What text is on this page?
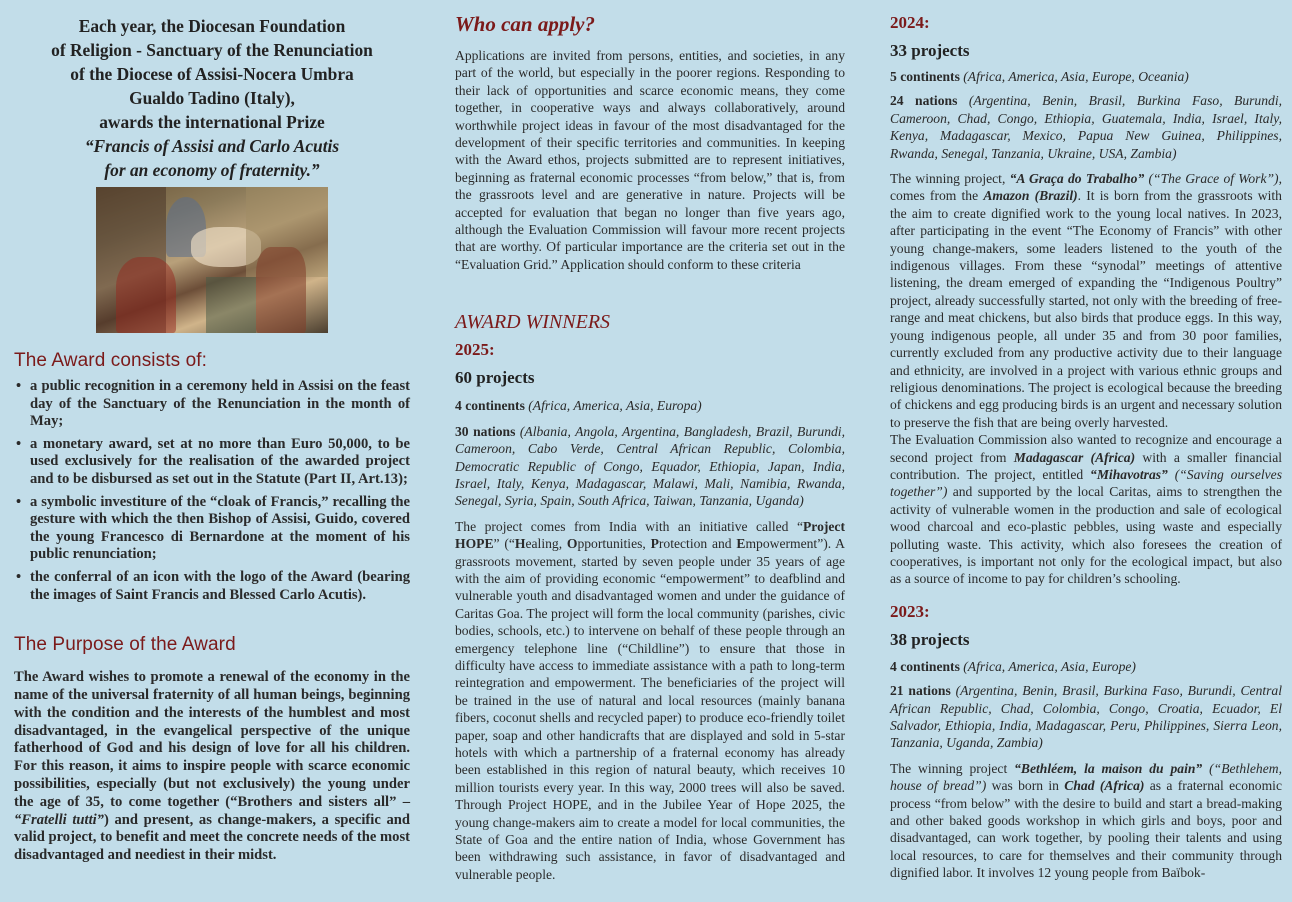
Each year, the Diocesan Foundation
of Religion - Sanctuary of the Renunciation
of the Diocese of Assisi-Nocera Umbra
Gualdo Tadino (Italy),
awards the international Prize
“Francis of Assisi and Carlo Acutis
for an economy of fraternity.”
The Award consists of:
• a public recognition in a ceremony held in Assisi on the feast day of the Sanctuary of the Renunciation in the month of May;
• a monetary award, set at no more than Euro 50,000, to be used exclusively for the realisation of the awarded project and to be disbursed as set out in the Statute (Part II, Art.13);
• a symbolic investiture of the “cloak of Francis,” recalling the gesture with which the then Bishop of Assisi, Guido, covered the young Francesco di Bernardone at the moment of his public renunciation;
• the conferral of an icon with the logo of the Award (bearing the images of Saint Francis and Blessed Carlo Acutis).
The Purpose of the Award

The Award wishes to promote a renewal of the economy in the name of the universal fraternity of all human beings, beginning with the condition and the interests of the humblest and most disadvantaged, in the evangelical perspective of the unique fatherhood of God and his design of love for all his children. For this reason, it aims to inspire people with scarce economic possibilities, especially (but not exclusively) the young under the age of 35, to come together (“Brothers and sisters all” – “Fratelli tutti”) and present, as change-makers, a specific and valid project, to benefit and meet the concrete needs of the most disadvantaged and neediest in their midst.

Who can apply?

Applications are invited from persons, entities, and societies, in any part of the world, but especially in the poorer regions. Responding to their lack of opportunities and scarce economic means, they come together, in cooperative ways and always collaboratively, around worthwhile project ideas in favour of the most disadvantaged for the development of their specific territories and communities. In keeping with the Award ethos, projects submitted are to represent initiatives, beginning as fraternal economic processes “from below,” that is, from the grassroots level and are generative in nature. Projects will be accepted for evaluation that began no longer than five years ago, although the Evaluation Commission will favour more recent projects that are worthy. Of particular importance are the criteria set out in the “Evaluation Grid.” Application should conform to these criteria

AWARD WINNERS
2025:
60 projects

4 continents (Africa, America, Asia, Europa)

30 nations (Albania, Angola, Argentina, Bangladesh, Brazil, Burundi, Cameroon, Cabo Verde, Central African Republic, Colombia, Democratic Republic of Congo, Equador, Ethiopia, Japan, India, Israel, Italy, Kenya, Madagascar, Malawi, Mali, Namibia, Rwanda, Senegal, Syria, Spain, South Africa, Taiwan, Tanzania, Uganda)

The project comes from India with an initiative called “Project HOPE” (“Healing, Opportunities, Protection and Empowerment”). A grassroots movement, started by seven people under 35 years of age with the aim of providing economic “empowerment” to deafblind and vulnerable youth and disadvantaged women and under the guidance of Caritas Goa. The project will form the local community (parishes, civic bodies, schools, etc.) to intervene on behalf of these people through an emergency telephone line (“Childline”) to ensure that those in difficulty have access to immediate assistance with a path to long-term reintegration and empowerment. The beneficiaries of the project will be trained in the use of natural and local resources (mainly banana fibers, coconut shells and recycled paper) to produce eco-friendly toilet paper, soap and other handicrafts that are displayed and sold in 5-star hotels with which a partnership of a fraternal economy has already been established in this region of natural beauty, which receives 10 million tourists every year. In this way, 2000 trees will also be saved. Through Project HOPE, and in the Jubilee Year of Hope 2025, the young change-makers aim to create a model for local communities, the State of Goa and the entire nation of India, whose Government has been withdrawing such assistance, in favor of disadvantaged and vulnerable people.

2024:
33 projects

5 continents (Africa, America, Asia, Europe, Oceania)

24 nations (Argentina, Benin, Brasil, Burkina Faso, Burundi, Cameroon, Chad, Congo, Ethiopia, Guatemala, India, Israel, Italy, Kenya, Madagascar, Mexico, Papua New Guinea, Philippines, Rwanda, Senegal, Tanzania, Ukraine, USA, Zambia)

The winning project, “A Graça do Trabalho” (“The Grace of Work”), comes from the Amazon (Brazil). It is born from the grassroots with the aim to create dignified work to the young local natives. In 2023, after participating in the event “The Economy of Francis” with other young change-makers, some leaders listened to the youth of the indigenous villages. From these “synodal” meetings of attentive listening, the dream emerged of expanding the “Indigenous Poultry” project, already successfully started, not only with the breeding of free-range and meat chickens, but also birds that produce eggs. In this way, young indigenous people, all under 35 and from 30 poor families, currently excluded from any productive activity due to their language and ethnicity, are involved in a project with various ethnic groups and religious denominations. The project is ecological because the breeding of chickens and egg producing birds is an urgent and necessary solution to preserve the fish that are being overly harvested.

The Evaluation Commission also wanted to recognize and encourage a second project from Madagascar (Africa) with a smaller financial contribution. The project, entitled “Mihavotras” (“Saving ourselves together”) and supported by the local Caritas, aims to strengthen the activity of vulnerable women in the production and sale of ecological wood charcoal and eco-plastic pebbles, using waste and especially polluting waste. This activity, which also foresees the creation of cooperatives, is important not only for the ecological impact, but also as a source of income to pay for children’s schooling.

2023:
38 projects

4 continents (Africa, America, Asia, Europe)

21 nations (Argentina, Benin, Brasil, Burkina Faso, Burundi, Central African Republic, Chad, Colombia, Congo, Croatia, Ecuador, El Salvador, Ethiopia, India, Madagascar, Peru, Philippines, Sierra Leon, Tanzania, Uganda, Zambia)

The winning project “Bethléem, la maison du pain” (“Bethlehem, house of bread”) was born in Chad (Africa) as a fraternal economic process “from below” with the desire to build and start a bread-making and other baked goods workshop in which girls and boys, poor and disadvantaged, can work together, by pooling their talents and using local resources, to care for themselves and their community through dignified labor. It involves 12 young people from Baïbok-
